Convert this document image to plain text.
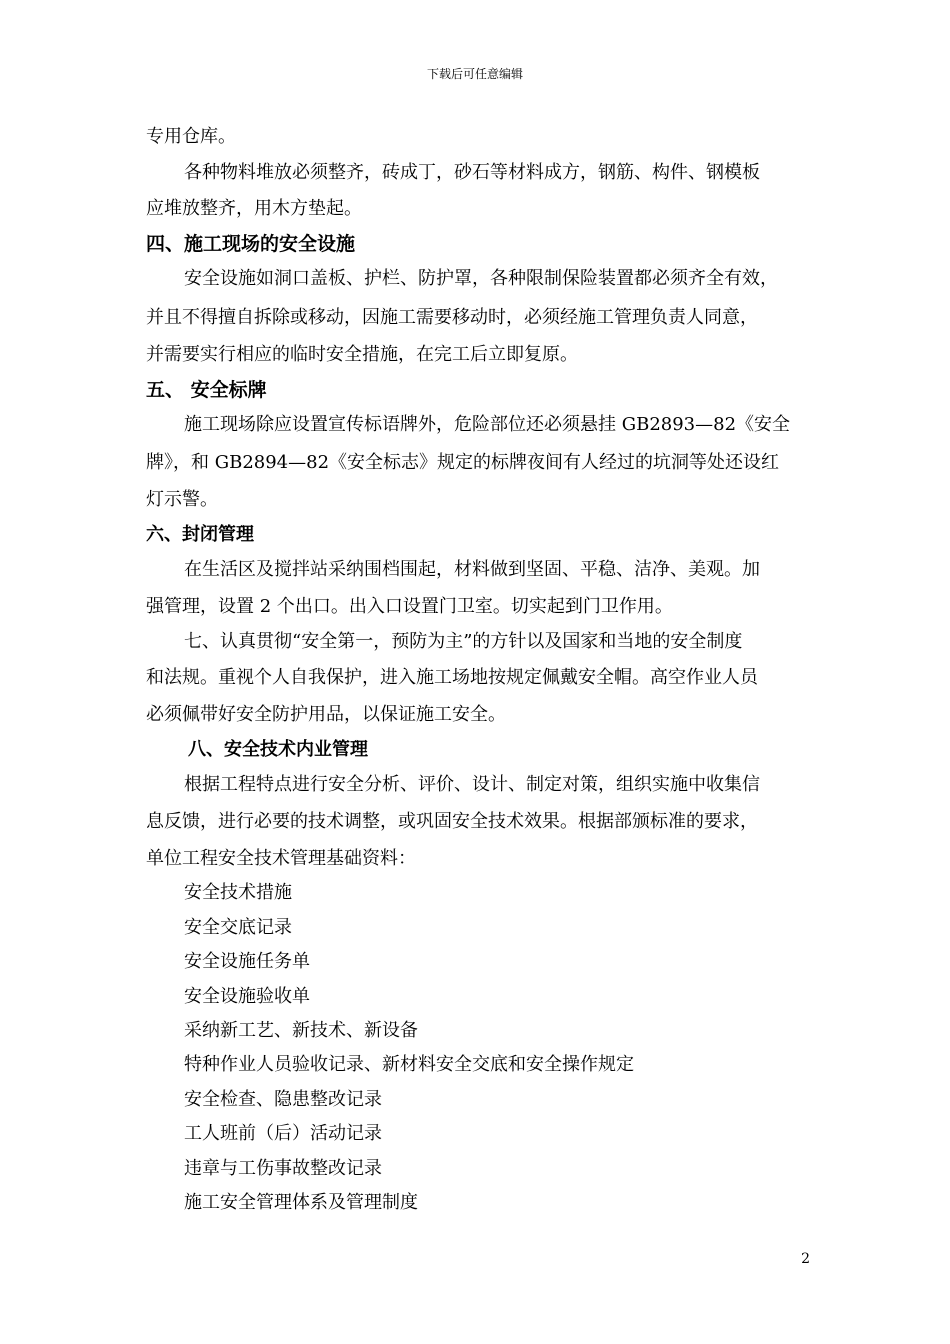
下载后可任意编辑
专用仓库。
各种物料堆放必须整齐，砖成丁，砂石等材料成方，钢筋、构件、钢模板
应堆放整齐，用木方垫起。
四、施工现场的安全设施
安全设施如洞口盖板、护栏、防护罩，各种限制保险装置都必须齐全有效，
并且不得擅自拆除或移动，因施工需要移动时，必须经施工管理负责人同意，
并需要实行相应的临时安全措施，在完工后立即复原。
五、 安全标牌
施工现场除应设置宣传标语牌外，危险部位还必须悬挂 GB2893—82《安全
牌》，和 GB2894—82《安全标志》规定的标牌夜间有人经过的坑洞等处还设红
灯示警。
六、封闭管理
在生活区及搅拌站采纳围档围起，材料做到坚固、平稳、洁净、美观。加
强管理，设置 2 个出口。出入口设置门卫室。切实起到门卫作用。
七、认真贯彻“安全第一，预防为主”的方针以及国家和当地的安全制度
和法规。重视个人自我保护，进入施工场地按规定佩戴安全帽。高空作业人员
必须佩带好安全防护用品，以保证施工安全。
八、安全技术内业管理
根据工程特点进行安全分析、评价、设计、制定对策，组织实施中收集信
息反馈，进行必要的技术调整，或巩固安全技术效果。根据部颁标准的要求，
单位工程安全技术管理基础资料：
安全技术措施
安全交底记录
安全设施任务单
安全设施验收单
采纳新工艺、新技术、新设备
特种作业人员验收记录、新材料安全交底和安全操作规定
安全检查、隐患整改记录
工人班前（后）活动记录
违章与工伤事故整改记录
施工安全管理体系及管理制度
2
